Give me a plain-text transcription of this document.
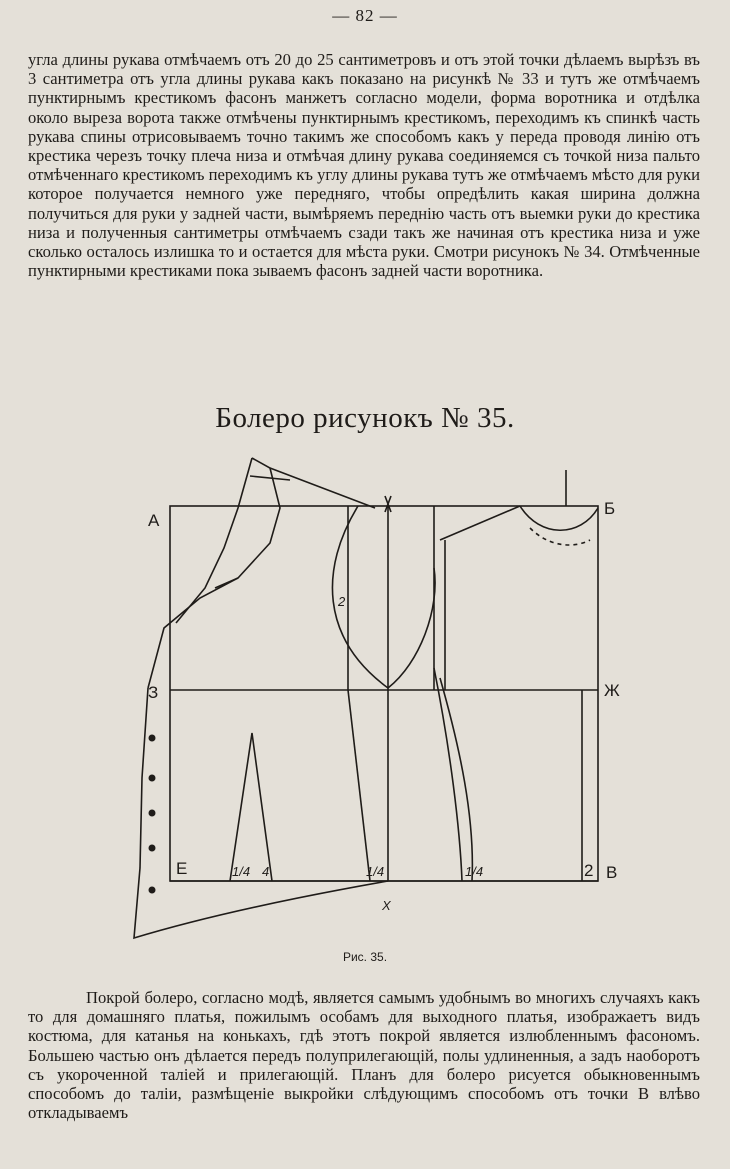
— 82 —

угла длины рукава отмѣчаемъ отъ 20 до 25 сантиметровъ и отъ этой точки дѣлаемъ вырѣзъ въ 3 сантиметра отъ угла длины рукава какъ показано на рисункѣ № 33 и тутъ же отмѣчаемъ пунктирнымъ крестикомъ фасонъ манжетъ согласно модели, форма воротника и отдѣлка около выреза ворота также отмѣчены пунктирнымъ крестикомъ, переходимъ къ спинкѣ часть рукава спины отрисовываемъ точно такимъ же способомъ какъ у переда проводя линію отъ крестика черезъ точку плеча низа и отмѣчая длину рукава соединяемся съ точкой низа пальто отмѣченнаго крестикомъ переходимъ къ углу длины рукава тутъ же отмѣчаемъ мѣсто для руки которое получается немного уже передняго, чтобы опредѣлить какая ширина должна получиться для руки у задней части, вымѣряемъ переднію часть отъ выемки руки до крестика низа и полученныя сантиметры отмѣчаемъ сзади такъ же начиная отъ крестика низа и уже сколько осталось излишка то и остается для мѣста руки. Смотри рисунокъ № 34. Отмѣченные пунктирными крестиками пока зываемъ фасонъ задней части воротника.

Болеро рисунокъ № 35.
А
Б
З	Ж
Е	В
Х
1/4 4	1/4	1/4	2
2
Рис. 35.

Покрой болеро, согласно модѣ, является самымъ удобнымъ во многихъ случаяхъ какъ то для домашняго платья, пожилымъ особамъ для выходного платья, изображаетъ видъ костюма, для катанья на конькахъ, гдѣ этотъ покрой является излюбленнымъ фасономъ. Большею частью онъ дѣлается передъ полуприлегающій, полы удлиненныя, а задъ наоборотъ съ укороченной таліей и прилегающій. Планъ для болеро рисуется обыкновеннымъ способомъ до таліи, размѣщеніе выкройки слѣдующимъ способомъ отъ точки В влѣво откладываемъ
